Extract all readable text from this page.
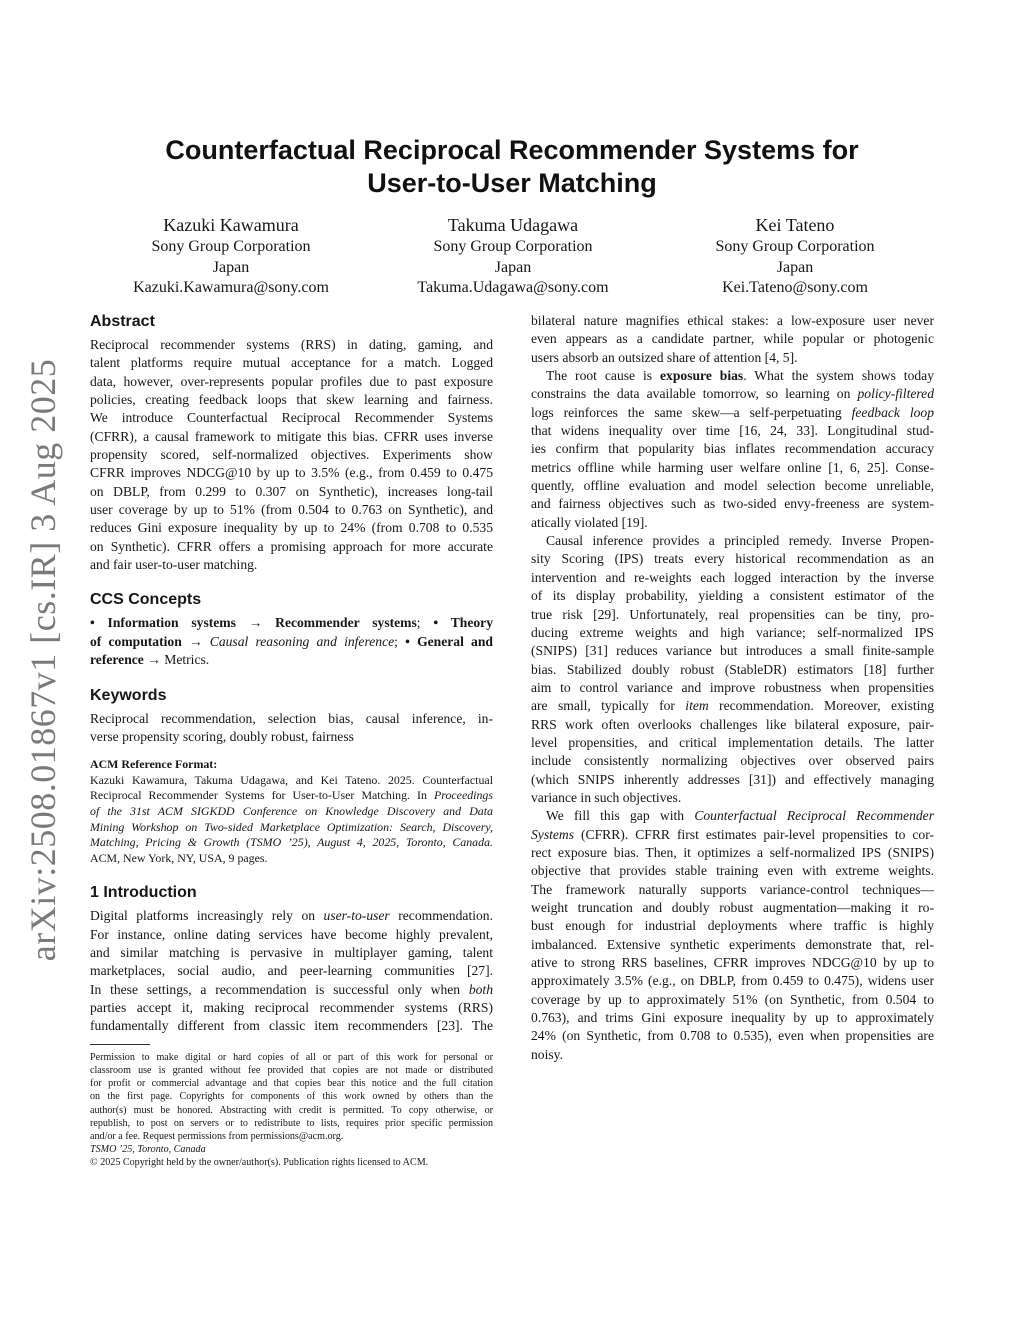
arXiv:2508.01867v1 [cs.IR] 3 Aug 2025
Counterfactual Reciprocal Recommender Systems for
User-to-User Matching
Kazuki Kawamura
Sony Group Corporation
Japan
Kazuki.Kawamura@sony.com
Takuma Udagawa
Sony Group Corporation
Japan
Takuma.Udagawa@sony.com
Kei Tateno
Sony Group Corporation
Japan
Kei.Tateno@sony.com
Abstract
Reciprocal recommender systems (RRS) in dating, gaming, and
talent platforms require mutual acceptance for a match. Logged
data, however, over-represents popular profiles due to past exposure
policies, creating feedback loops that skew learning and fairness.
We introduce Counterfactual Reciprocal Recommender Systems
(CFRR), a causal framework to mitigate this bias. CFRR uses inverse
propensity scored, self-normalized objectives. Experiments show
CFRR improves NDCG@10 by up to 3.5% (e.g., from 0.459 to 0.475
on DBLP, from 0.299 to 0.307 on Synthetic), increases long-tail
user coverage by up to 51% (from 0.504 to 0.763 on Synthetic), and
reduces Gini exposure inequality by up to 24% (from 0.708 to 0.535
on Synthetic). CFRR offers a promising approach for more accurate
and fair user-to-user matching.
CCS Concepts
• Information systems → Recommender systems; • Theory
of computation → Causal reasoning and inference; • General and
reference → Metrics.
Keywords
Reciprocal recommendation, selection bias, causal inference, in-
verse propensity scoring, doubly robust, fairness
ACM Reference Format:
Kazuki Kawamura, Takuma Udagawa, and Kei Tateno. 2025. Counterfactual
Reciprocal Recommender Systems for User-to-User Matching. In Proceedings
of the 31st ACM SIGKDD Conference on Knowledge Discovery and Data
Mining Workshop on Two-sided Marketplace Optimization: Search, Discovery,
Matching, Pricing & Growth (TSMO ’25), August 4, 2025, Toronto, Canada.
ACM, New York, NY, USA, 9 pages.
1 Introduction
Digital platforms increasingly rely on user-to-user recommendation.
For instance, online dating services have become highly prevalent,
and similar matching is pervasive in multiplayer gaming, talent
marketplaces, social audio, and peer-learning communities [27].
In these settings, a recommendation is successful only when both
parties accept it, making reciprocal recommender systems (RRS)
fundamentally different from classic item recommenders [23]. The
Permission to make digital or hard copies of all or part of this work for personal or
classroom use is granted without fee provided that copies are not made or distributed
for profit or commercial advantage and that copies bear this notice and the full citation
on the first page. Copyrights for components of this work owned by others than the
author(s) must be honored. Abstracting with credit is permitted. To copy otherwise, or
republish, to post on servers or to redistribute to lists, requires prior specific permission
and/or a fee. Request permissions from permissions@acm.org.
TSMO ’25, Toronto, Canada
© 2025 Copyright held by the owner/author(s). Publication rights licensed to ACM.
bilateral nature magnifies ethical stakes: a low-exposure user never
even appears as a candidate partner, while popular or photogenic
users absorb an outsized share of attention [4, 5].
The root cause is exposure bias. What the system shows today
constrains the data available tomorrow, so learning on policy-filtered
logs reinforces the same skew—a self-perpetuating feedback loop
that widens inequality over time [16, 24, 33]. Longitudinal stud-
ies confirm that popularity bias inflates recommendation accuracy
metrics offline while harming user welfare online [1, 6, 25]. Conse-
quently, offline evaluation and model selection become unreliable,
and fairness objectives such as two-sided envy-freeness are system-
atically violated [19].
Causal inference provides a principled remedy. Inverse Propen-
sity Scoring (IPS) treats every historical recommendation as an
intervention and re-weights each logged interaction by the inverse
of its display probability, yielding a consistent estimator of the
true risk [29]. Unfortunately, real propensities can be tiny, pro-
ducing extreme weights and high variance; self-normalized IPS
(SNIPS) [31] reduces variance but introduces a small finite-sample
bias. Stabilized doubly robust (StableDR) estimators [18] further
aim to control variance and improve robustness when propensities
are small, typically for item recommendation. Moreover, existing
RRS work often overlooks challenges like bilateral exposure, pair-
level propensities, and critical implementation details. The latter
include consistently normalizing objectives over observed pairs
(which SNIPS inherently addresses [31]) and effectively managing
variance in such objectives.
We fill this gap with Counterfactual Reciprocal Recommender
Systems (CFRR). CFRR first estimates pair-level propensities to cor-
rect exposure bias. Then, it optimizes a self-normalized IPS (SNIPS)
objective that provides stable training even with extreme weights.
The framework naturally supports variance-control techniques—
weight truncation and doubly robust augmentation—making it ro-
bust enough for industrial deployments where traffic is highly
imbalanced. Extensive synthetic experiments demonstrate that, rel-
ative to strong RRS baselines, CFRR improves NDCG@10 by up to
approximately 3.5% (e.g., on DBLP, from 0.459 to 0.475), widens user
coverage by up to approximately 51% (on Synthetic, from 0.504 to
0.763), and trims Gini exposure inequality by up to approximately
24% (on Synthetic, from 0.708 to 0.535), even when propensities are
noisy.
